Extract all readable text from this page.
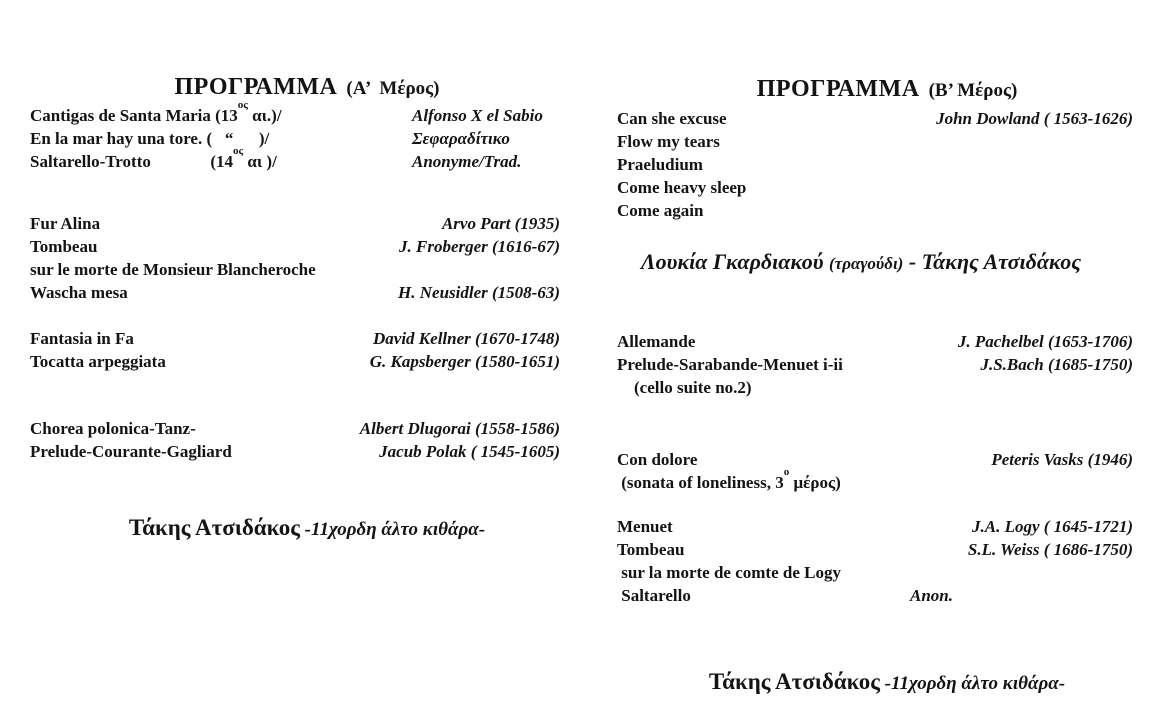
ΠΡΟΓΡΑΜΜΑ (Α’  Μέρος)

Cantigas de Santa Maria ($13^{o\varsigma}$ αι.)/	Alfonso X el Sabio
En la mar hay una tore. (   “      )/	Σεφαραδίτικο
Saltarello-Trotto              ($14^{o\varsigma}$ αι )/	Anonyme/Trad.
Fur Alina	Arvo Part (1935)
Tombeau	J. Froberger (1616-67)
sur le morte de Monsieur Blancheroche
Wascha mesa	H. Neusidler (1508-63)
Fantasia in Fa	David Kellner (1670-1748)
Tocatta arpeggiata	G. Kapsberger (1580-1651)
Chorea polonica-Tanz-	Albert Dlugorai (1558-1586)
Prelude-Courante-Gagliard	Jacub Polak ( 1545-1605)

Τάκης Ατσιδάκος -11χορδη άλτο κιθάρα-

ΠΡΟΓΡΑΜΜΑ (Β’ Μέρος)

Can she excuse	John Dowland ( 1563-1626)
Flow my tears
Praeludium
Come heavy sleep
Come again

Λουκία Γκαρδιακού (τραγούδι) - Τάκης Ατσιδάκος

Allemande	J. Pachelbel (1653-1706)
Prelude-Sarabande-Menuet i-ii	J.S.Bach (1685-1750)
(cello suite no.2)
Con dolore	Peteris Vasks (1946)
(sonata of loneliness, $3^o$ μέρος)
Menuet	J.A. Logy ( 1645-1721)
Tombeau	S.L. Weiss ( 1686-1750)
sur la morte de comte de Logy
Saltarello	Anon.

Τάκης Ατσιδάκος -11χορδη άλτο κιθάρα-
